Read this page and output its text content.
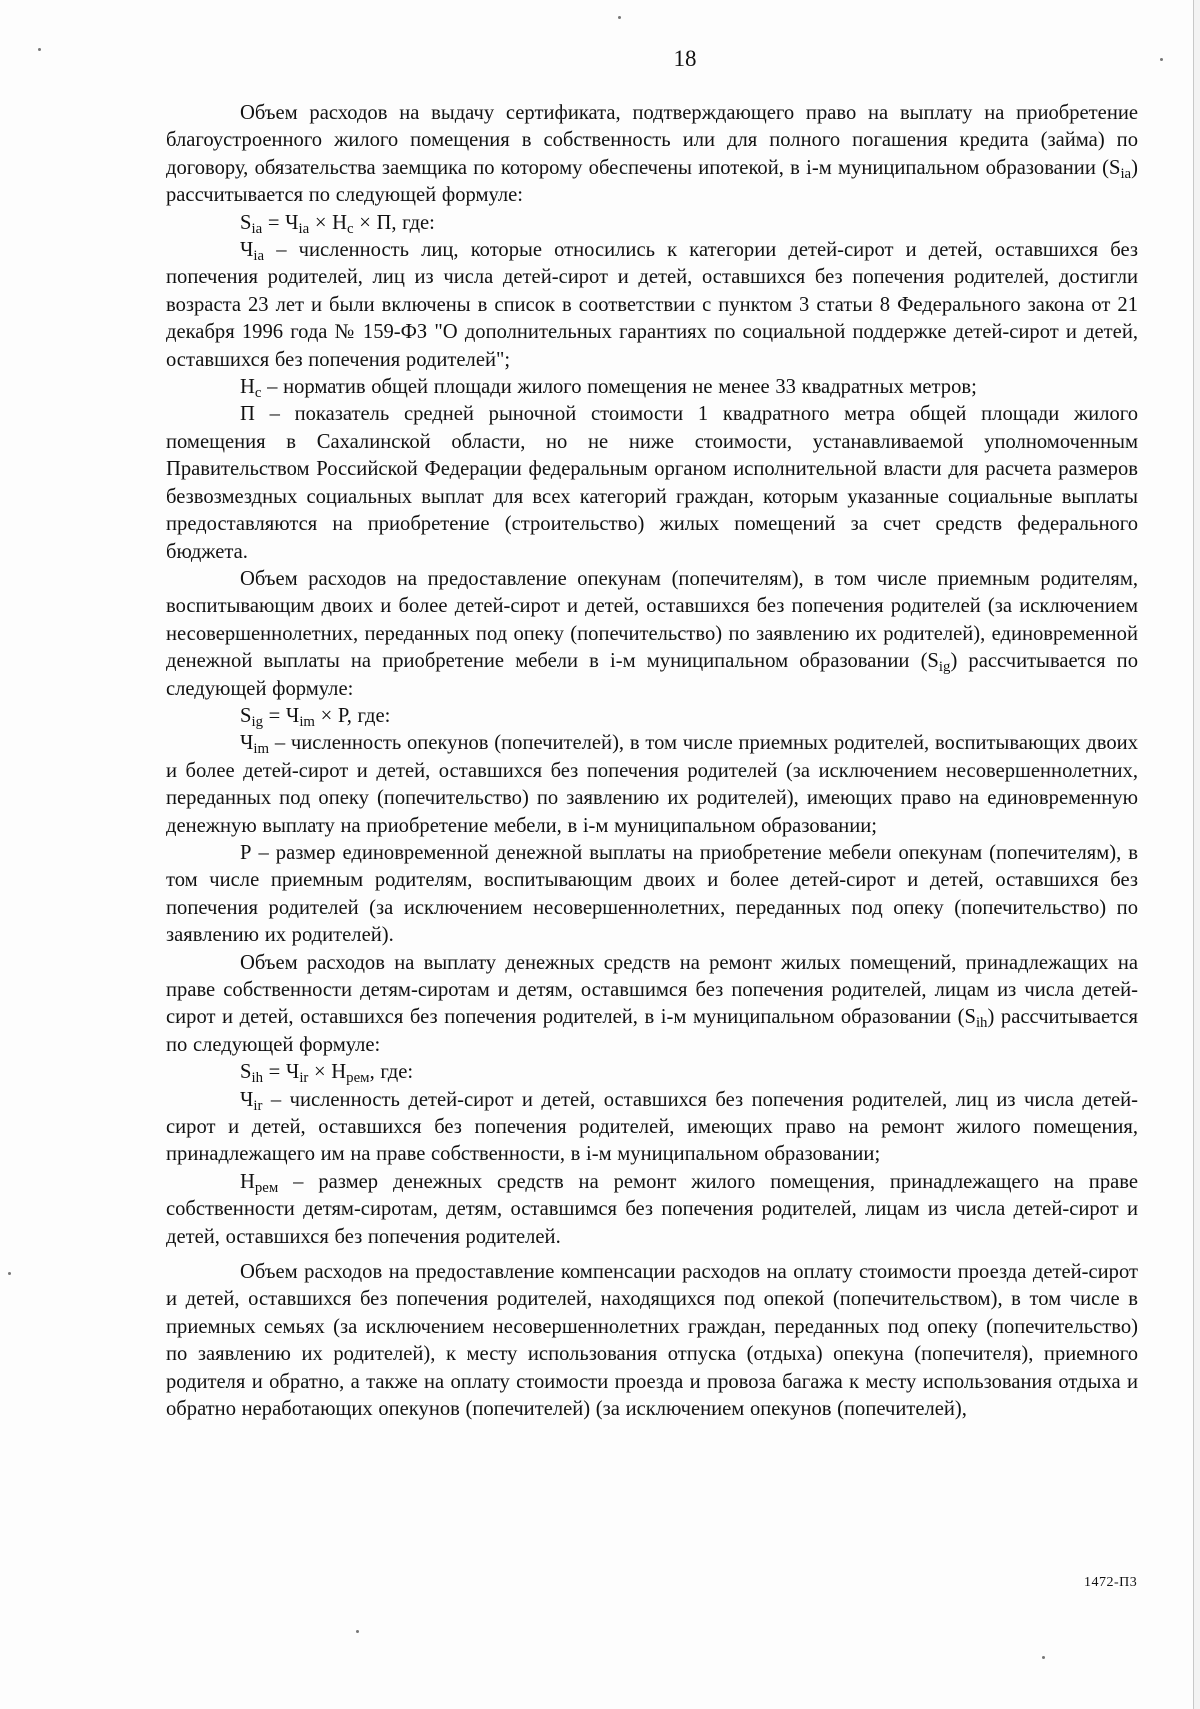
18

Объем расходов на выдачу сертификата, подтверждающего право на выплату на приобретение благоустроенного жилого помещения в собственность или для полного погашения кредита (займа) по договору, обязательства заемщика по которому обеспечены ипотекой, в i-м муниципальном образовании $(S_{ia})$ рассчитывается по следующей формуле:

$S_{ia} = Ч_{ia} \times Н_с \times П$, где:

$Ч_{ia}$ – численность лиц, которые относились к категории детей-сирот и детей, оставшихся без попечения родителей, лиц из числа детей-сирот и детей, оставшихся без попечения родителей, достигли возраста 23 лет и были включены в список в соответствии с пунктом 3 статьи 8 Федерального закона от 21 декабря 1996 года № 159-ФЗ "О дополнительных гарантиях по социальной поддержке детей-сирот и детей, оставшихся без попечения родителей";

$Н_с$ – норматив общей площади жилого помещения не менее 33 квадратных метров;

П – показатель средней рыночной стоимости 1 квадратного метра общей площади жилого помещения в Сахалинской области, но не ниже стоимости, устанавливаемой уполномоченным Правительством Российской Федерации федеральным органом исполнительной власти для расчета размеров безвозмездных социальных выплат для всех категорий граждан, которым указанные социальные выплаты предоставляются на приобретение (строительство) жилых помещений за счет средств федерального бюджета.

Объем расходов на предоставление опекунам (попечителям), в том числе приемным родителям, воспитывающим двоих и более детей-сирот и детей, оставшихся без попечения родителей (за исключением несовершеннолетних, переданных под опеку (попечительство) по заявлению их родителей), единовременной денежной выплаты на приобретение мебели в i-м муниципальном образовании $(S_{ig})$ рассчитывается по следующей формуле:

$S_{ig} = Ч_{im} \times Р$, где:

$Ч_{im}$ – численность опекунов (попечителей), в том числе приемных родителей, воспитывающих двоих и более детей-сирот и детей, оставшихся без попечения родителей (за исключением несовершеннолетних, переданных под опеку (попечительство) по заявлению их родителей), имеющих право на единовременную денежную выплату на приобретение мебели, в i-м муниципальном образовании;

Р – размер единовременной денежной выплаты на приобретение мебели опекунам (попечителям), в том числе приемным родителям, воспитывающим двоих и более детей-сирот и детей, оставшихся без попечения родителей (за исключением несовершеннолетних, переданных под опеку (попечительство) по заявлению их родителей).

Объем расходов на выплату денежных средств на ремонт жилых помещений, принадлежащих на праве собственности детям-сиротам и детям, оставшимся без попечения родителей, лицам из числа детей-сирот и детей, оставшихся без попечения родителей, в i-м муниципальном образовании $(S_{ih})$ рассчитывается по следующей формуле:

$S_{ih} = Ч_{ir} \times Н_{рем}$, где:

$Ч_{ir}$ – численность детей-сирот и детей, оставшихся без попечения родителей, лиц из числа детей-сирот и детей, оставшихся без попечения родителей, имеющих право на ремонт жилого помещения, принадлежащего им на праве собственности, в i-м муниципальном образовании;

$Н_{рем}$ – размер денежных средств на ремонт жилого помещения, принадлежащего на праве собственности детям-сиротам, детям, оставшимся без попечения родителей, лицам из числа детей-сирот и детей, оставшихся без попечения родителей.

Объем расходов на предоставление компенсации расходов на оплату стоимости проезда детей-сирот и детей, оставшихся без попечения родителей, находящихся под опекой (попечительством), в том числе в приемных семьях (за исключением несовершеннолетних граждан, переданных под опеку (попечительство) по заявлению их родителей), к месту использования отпуска (отдыха) опекуна (попечителя), приемного родителя и обратно, а также на оплату стоимости проезда и провоза багажа к месту использования отдыха и обратно неработающих опекунов (попечителей) (за исключением опекунов (попечителей),

1472-П3
